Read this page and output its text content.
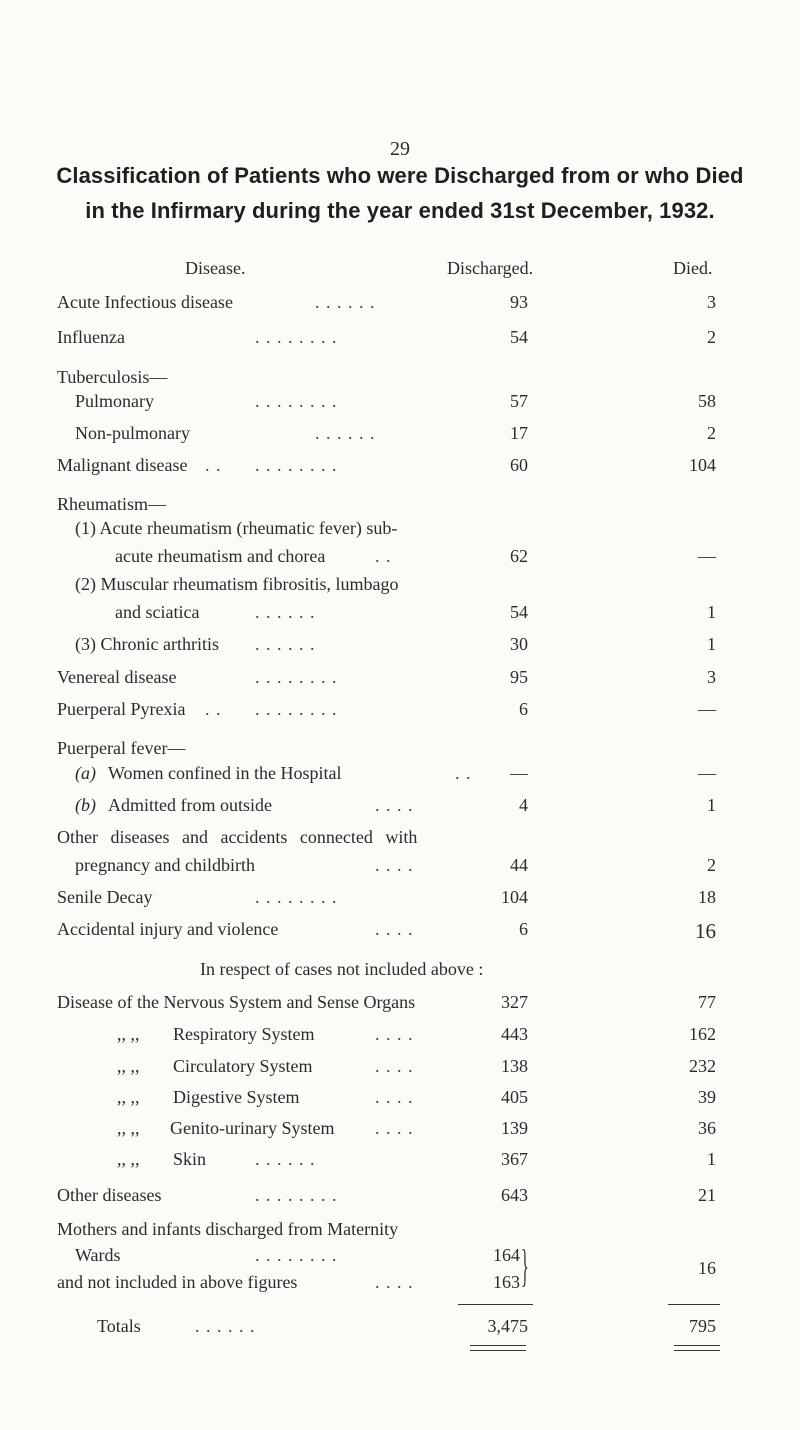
29
Classification of Patients who were Discharged from or who Died
in the Infirmary during the year ended 31st December, 1932.
Disease.	Discharged.	Died.
Acute Infectious disease	. . . . . .	93	3
Influenza	. . . . . . . .	54	2
Tuberculosis—
Pulmonary	. . . . . . . .	57	58
Non-pulmonary	. . . . . .	17	2
Malignant disease . . . . . . . . . .	60	104
Rheumatism—
(1) Acute rheumatism (rheumatic fever) sub-
acute rheumatism and chorea	. .	62	—
(2) Muscular rheumatism fibrositis, lumbago
and sciatica	. . . . . .	54	1
(3) Chronic arthritis . . . . . .	30	1
Venereal disease	. . . . . . . .	95	3
Puerperal Pyrexia . . . . . . . . . .	6	—
Puerperal fever—
(a) Women confined in the Hospital	. .	—	—
(b) Admitted from outside	. . . .	4	1
Other diseases and accidents connected with
pregnancy and childbirth	. . . .	44	2
Senile Decay	. . . . . . . .	104	18
Accidental injury and violence	. . . .	6	16
In respect of cases not included above :
Disease of the Nervous System and Sense Organs	327	77
,, ,, Respiratory System	. . . .	443	162
,, ,, Circulatory System	. . . .	138	232
,, ,, Digestive System	. . . .	405	39
,, ,, Genito-urinary System . . . .	139	36
,, ,, Skin	. . . . . .	367	1
Other diseases	. . . . . . . .	643	21
Mothers and infants discharged from Maternity
Wards	. . . . . . . .	164
and not included in above figures	. . . .	163 }	16
Totals	. . . . . .	3,475	795
